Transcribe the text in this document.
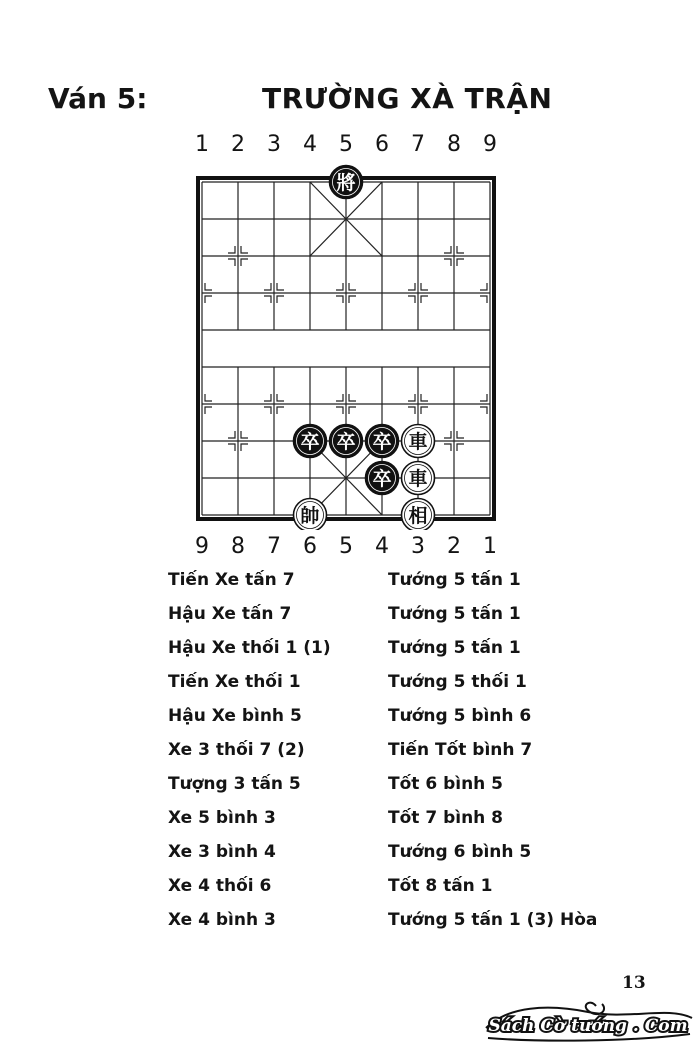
Ván 5:	TRƯỜNG XÀ TRẬN
1 2 3 4 5 6 7 8 9
將
卒 卒 卒 車
卒 車
帥	相
9 8 7 6 5 4 3 2 1
Tiến Xe tấn 7
Hậu Xe tấn 7
Hậu Xe thối 1 (1)
Tiến Xe thối 1
Hậu Xe bình 5
Xe 3 thối 7 (2)
Tượng 3 tấn 5
Xe 5 bình 3
Xe 3 bình 4
Xe 4 thối 6
Xe 4 bình 3
Tướng 5 tấn 1
Tướng 5 tấn 1
Tướng 5 tấn 1
Tướng 5 thối 1
Tướng 5 bình 6
Tiến Tốt bình 7
Tốt 6 bình 5
Tốt 7 bình 8
Tướng 6 bình 5
Tốt 8 tấn 1
Tướng 5 tấn 1 (3) Hòa
13
Sách Cờ tướng . Com
